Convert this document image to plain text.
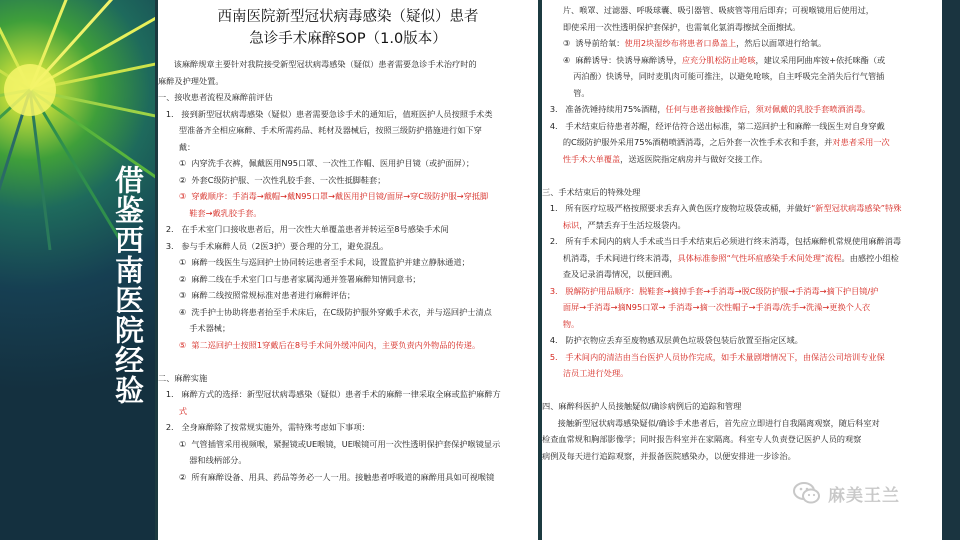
借鉴西南医院经验
西南医院新型冠状病毒感染（疑似）患者
急诊手术麻醉SOP（1.0版本）
该麻醉规章主要针对我院接受新型冠状病毒感染（疑似）患者需要急诊手术治疗时的
麻醉及护理处置。
一、接收患者流程及麻醉前评估
1.   接到新型冠状病毒感染（疑似）患者需要急诊手术的通知后，值班医护人员按照手术类
型准备齐全相应麻醉、手术所需药品、耗材及器械后，按照三级防护措施进行如下穿
戴：
①  内穿洗手衣裤，佩戴医用N95口罩、一次性工作帽、医用护目镜（或护面屏）；
②  外套C级防护服、一次性乳胶手套、一次性抵脚鞋套；
③  穿戴顺序：手消毒→戴帽→戴N95口罩→戴医用护目镜/面屏→穿C级防护服→穿抵脚
鞋套→戴乳胶手套。
2.   在手术室门口接收患者后，用一次性大单覆盖患者并转运至8号感染手术间
3.   参与手术麻醉人员（2医3护）要合理的分工，避免混乱。
①  麻醉一线医生与巡回护士协同转运患者至手术间，设置监护并建立静脉通道；
②  麻醉二线在手术室门口与患者家属沟通并签署麻醉知情同意书；
③  麻醉二线按照常规标准对患者进行麻醉评估；
④  洗手护士协助将患者抬至手术床后，在C级防护服外穿戴手术衣，并与巡回护士清点
手术器械；
⑤  第二巡回护士按照1穿戴后在8号手术间外缓冲间内，主要负责内外物品的传递。

二、麻醉实施
1.   麻醉方式的选择：新型冠状病毒感染（疑似）患者手术的麻醉一律采取全麻或监护麻醉方
式
2.   全身麻醉除了按常规实施外，需特殊考虑如下事项：
①  气管插管采用视频喉，紧握镜或UE喉镜，UE喉镜可用一次性透明保护套保护喉镜显示
器和线柄部分。
②  所有麻醉设备、用具、药品等务必一人一用。接触患者呼吸道的麻醉用具如可视喉镜
片、喉罩、过滤器、呼吸球囊、吸引器管、吸痰管等用后即弃；可视喉镜用后使用过，
即使采用一次性透明保护套保护，也需氧化氯消毒擦拭全面擦拭。
③  诱导前给氧：使用2块湿纱布将患者口鼻盖上，然后以面罩进行给氧。
④  麻醉诱导：快诱导麻醉诱导，应充分肌松防止呛咳，建议采用阿曲库铵+依托咪酯（或
丙泊酚）快诱导，同时麦肌肉可能可推注，以避免呛咳，自主呼吸完全消失后行气管插
管。
3.   准备洗锤持续用75%酒精，任何与患者接触操作后，须对佩戴的乳胶手套喷酒消毒。
4.   手术结束后待患者苏醒，经评估符合送出标准，第二巡回护士和麻醉一线医生对自身穿戴
的C级防护服外采用75%酒精喷洒消毒，之后外套一次性手术衣和手套，并对患者采用一次
性手术大单覆盖，送返医院指定病房并与做好交接工作。

三、手术结束后的特殊处理
1.   所有医疗垃圾严格按照要求丢弃入黄色医疗废物垃圾袋或桶，并做好“新型冠状病毒感染”特殊
标识，严禁丢弃于生活垃圾袋内。
2.   所有手术间内的病人手术或当日手术结束后必须进行终末消毒，包括麻醉机常规使用麻醉消毒
机消毒，手术间进行终末消毒，具体标准参照“气性坏疽感染手术间处理”流程。由感控小组检
查及记录消毒情况，以便回溯。
3.   脱解防护用品顺序：脱鞋套→摘掉手套→手消毒→脱C级防护服→手消毒→摘下护目镜/护
面屏→手消毒→摘N95口罩→ 手消毒→摘一次性帽子→手消毒/洗手→洗澡→更换个人衣
物。
4.   防护衣物应丢弃至废物感双层黄色垃圾袋包装后放置至指定区域。
5.   手术间内的清洁由当台医护人员协作完成，如手术量剧增情况下，由保洁公司培训专业保
洁员工进行处理。

四、麻醉科医护人员接触疑似/确诊病例后的追踪和管理
接触新型冠状病毒感染疑似/确诊手术患者后，首先应立即进行自我隔离观察，随后科室对
检查血常规和胸部影像学；同时报告科室并在家隔离。科室专人负责登记医护人员的观察
病例及每天进行追踪观察，并报备医院感染办，以便安排进一步诊治。
麻美王兰
